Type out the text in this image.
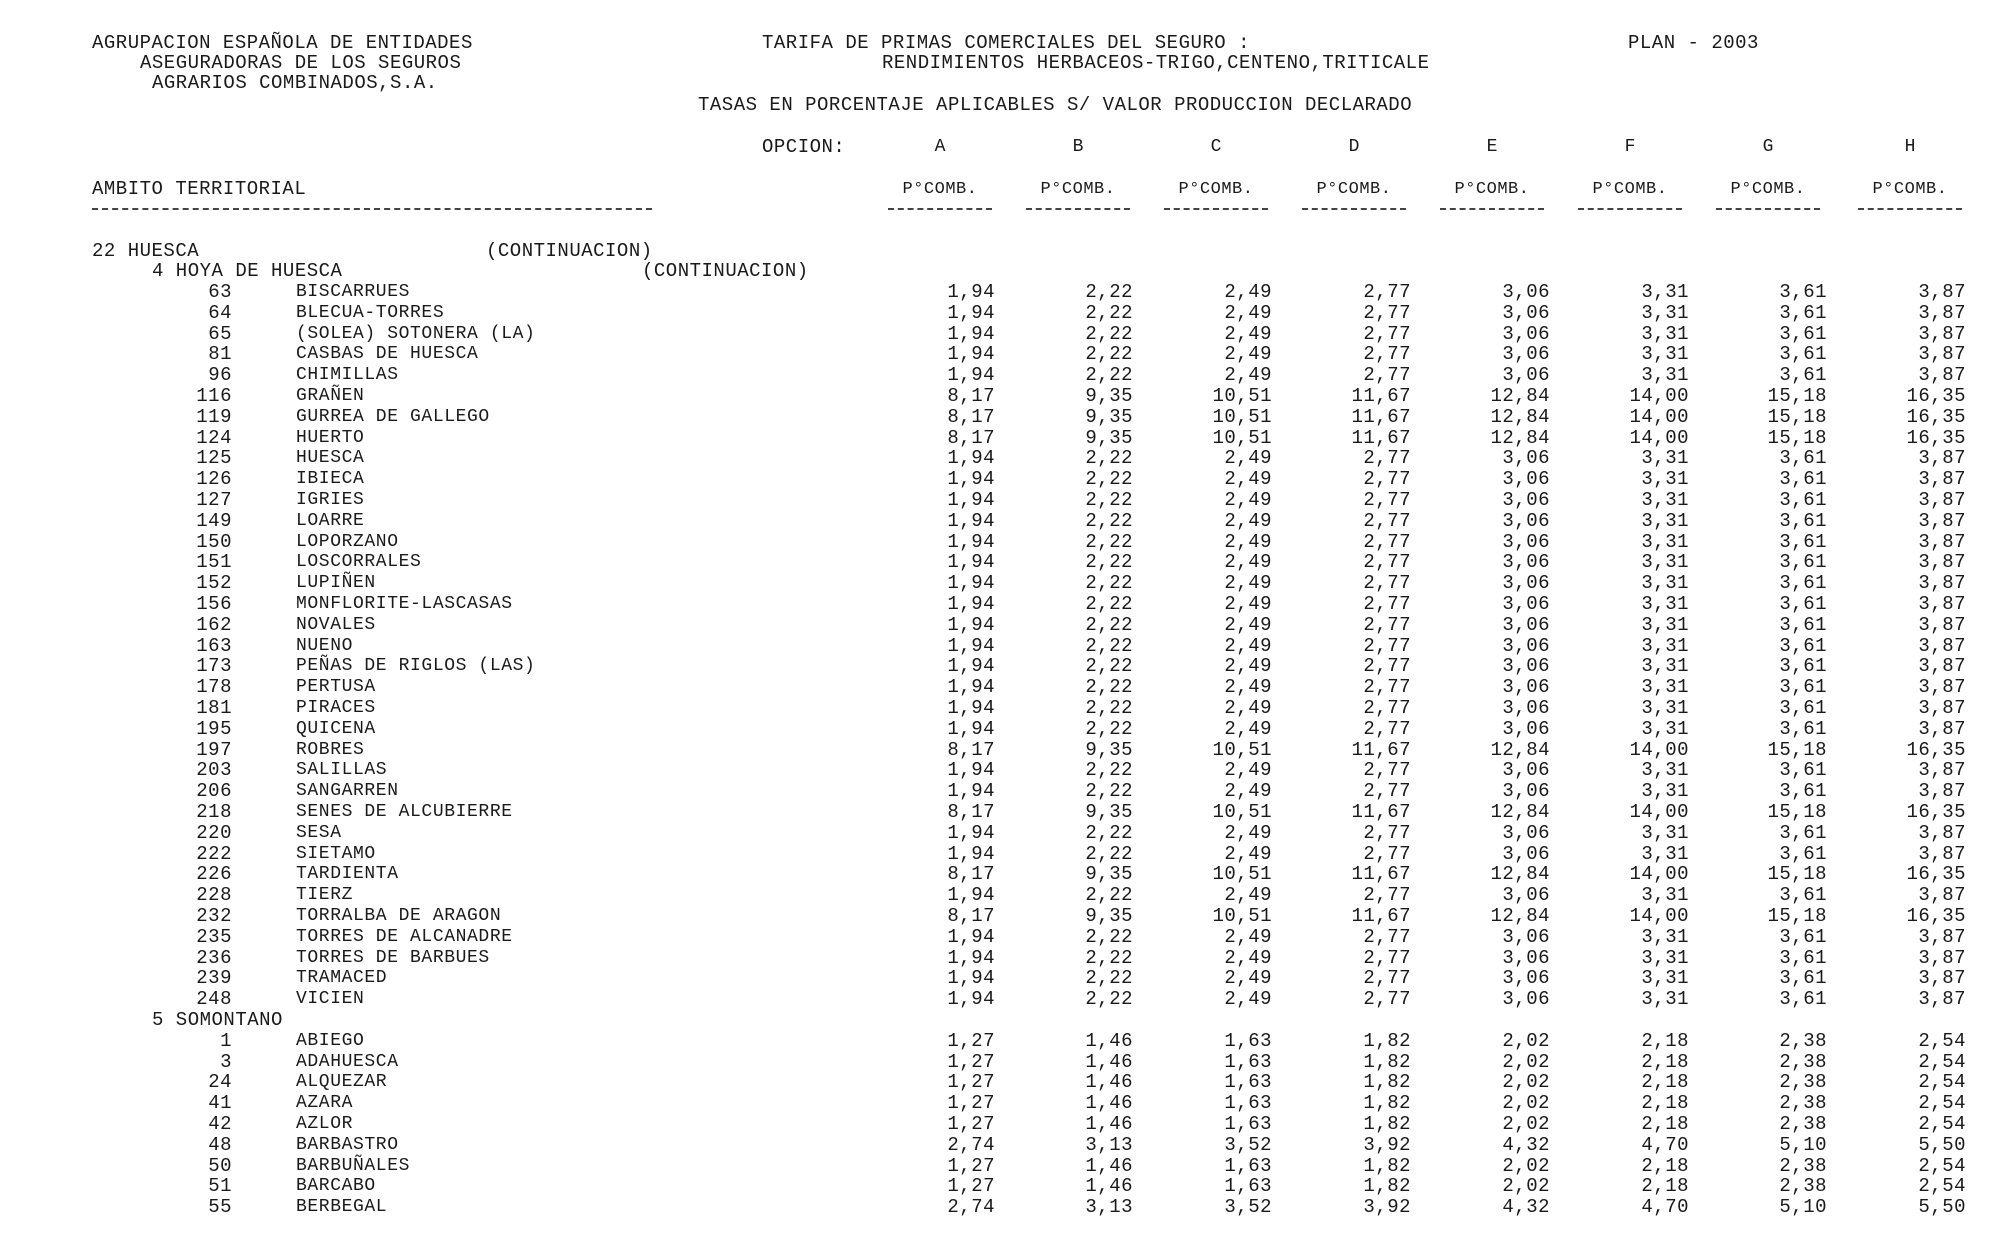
AGRUPACION ESPAÑOLA DE ENTIDADES
ASEGURADORAS DE LOS SEGUROS
AGRARIOS COMBINADOS,S.A.
TARIFA DE PRIMAS COMERCIALES DEL SEGURO :
RENDIMIENTOS HERBACEOS-TRIGO,CENTENO,TRITICALE
PLAN - 2003
TASAS EN PORCENTAJE APLICABLES S/ VALOR PRODUCCION DECLARADO
OPCION:	A	B	C	D	E	F	G	H
AMBITO TERRITORIAL	P°COMB.	P°COMB.	P°COMB.	P°COMB.	P°COMB.	P°COMB.	P°COMB.	P°COMB.
22 HUESCA	(CONTINUACION)
4 HOYA DE HUESCA	(CONTINUACION)
63	BISCARRUES	1,94	2,22	2,49	2,77	3,06	3,31	3,61	3,87
64	BLECUA-TORRES	1,94	2,22	2,49	2,77	3,06	3,31	3,61	3,87
65	(SOLEA) SOTONERA (LA)	1,94	2,22	2,49	2,77	3,06	3,31	3,61	3,87
81	CASBAS DE HUESCA	1,94	2,22	2,49	2,77	3,06	3,31	3,61	3,87
96	CHIMILLAS	1,94	2,22	2,49	2,77	3,06	3,31	3,61	3,87
116	GRAÑEN	8,17	9,35	10,51	11,67	12,84	14,00	15,18	16,35
119	GURREA DE GALLEGO	8,17	9,35	10,51	11,67	12,84	14,00	15,18	16,35
124	HUERTO	8,17	9,35	10,51	11,67	12,84	14,00	15,18	16,35
125	HUESCA	1,94	2,22	2,49	2,77	3,06	3,31	3,61	3,87
126	IBIECA	1,94	2,22	2,49	2,77	3,06	3,31	3,61	3,87
127	IGRIES	1,94	2,22	2,49	2,77	3,06	3,31	3,61	3,87
149	LOARRE	1,94	2,22	2,49	2,77	3,06	3,31	3,61	3,87
150	LOPORZANO	1,94	2,22	2,49	2,77	3,06	3,31	3,61	3,87
151	LOSCORRALES	1,94	2,22	2,49	2,77	3,06	3,31	3,61	3,87
152	LUPIÑEN	1,94	2,22	2,49	2,77	3,06	3,31	3,61	3,87
156	MONFLORITE-LASCASAS	1,94	2,22	2,49	2,77	3,06	3,31	3,61	3,87
162	NOVALES	1,94	2,22	2,49	2,77	3,06	3,31	3,61	3,87
163	NUENO	1,94	2,22	2,49	2,77	3,06	3,31	3,61	3,87
173	PEÑAS DE RIGLOS (LAS)	1,94	2,22	2,49	2,77	3,06	3,31	3,61	3,87
178	PERTUSA	1,94	2,22	2,49	2,77	3,06	3,31	3,61	3,87
181	PIRACES	1,94	2,22	2,49	2,77	3,06	3,31	3,61	3,87
195	QUICENA	1,94	2,22	2,49	2,77	3,06	3,31	3,61	3,87
197	ROBRES	8,17	9,35	10,51	11,67	12,84	14,00	15,18	16,35
203	SALILLAS	1,94	2,22	2,49	2,77	3,06	3,31	3,61	3,87
206	SANGARREN	1,94	2,22	2,49	2,77	3,06	3,31	3,61	3,87
218	SENES DE ALCUBIERRE	8,17	9,35	10,51	11,67	12,84	14,00	15,18	16,35
220	SESA	1,94	2,22	2,49	2,77	3,06	3,31	3,61	3,87
222	SIETAMO	1,94	2,22	2,49	2,77	3,06	3,31	3,61	3,87
226	TARDIENTA	8,17	9,35	10,51	11,67	12,84	14,00	15,18	16,35
228	TIERZ	1,94	2,22	2,49	2,77	3,06	3,31	3,61	3,87
232	TORRALBA DE ARAGON	8,17	9,35	10,51	11,67	12,84	14,00	15,18	16,35
235	TORRES DE ALCANADRE	1,94	2,22	2,49	2,77	3,06	3,31	3,61	3,87
236	TORRES DE BARBUES	1,94	2,22	2,49	2,77	3,06	3,31	3,61	3,87
239	TRAMACED	1,94	2,22	2,49	2,77	3,06	3,31	3,61	3,87
248	VICIEN	1,94	2,22	2,49	2,77	3,06	3,31	3,61	3,87
5 SOMONTANO
1	ABIEGO	1,27	1,46	1,63	1,82	2,02	2,18	2,38	2,54
3	ADAHUESCA	1,27	1,46	1,63	1,82	2,02	2,18	2,38	2,54
24	ALQUEZAR	1,27	1,46	1,63	1,82	2,02	2,18	2,38	2,54
41	AZARA	1,27	1,46	1,63	1,82	2,02	2,18	2,38	2,54
42	AZLOR	1,27	1,46	1,63	1,82	2,02	2,18	2,38	2,54
48	BARBASTRO	2,74	3,13	3,52	3,92	4,32	4,70	5,10	5,50
50	BARBUÑALES	1,27	1,46	1,63	1,82	2,02	2,18	2,38	2,54
51	BARCABO	1,27	1,46	1,63	1,82	2,02	2,18	2,38	2,54
55	BERBEGAL	2,74	3,13	3,52	3,92	4,32	4,70	5,10	5,50
